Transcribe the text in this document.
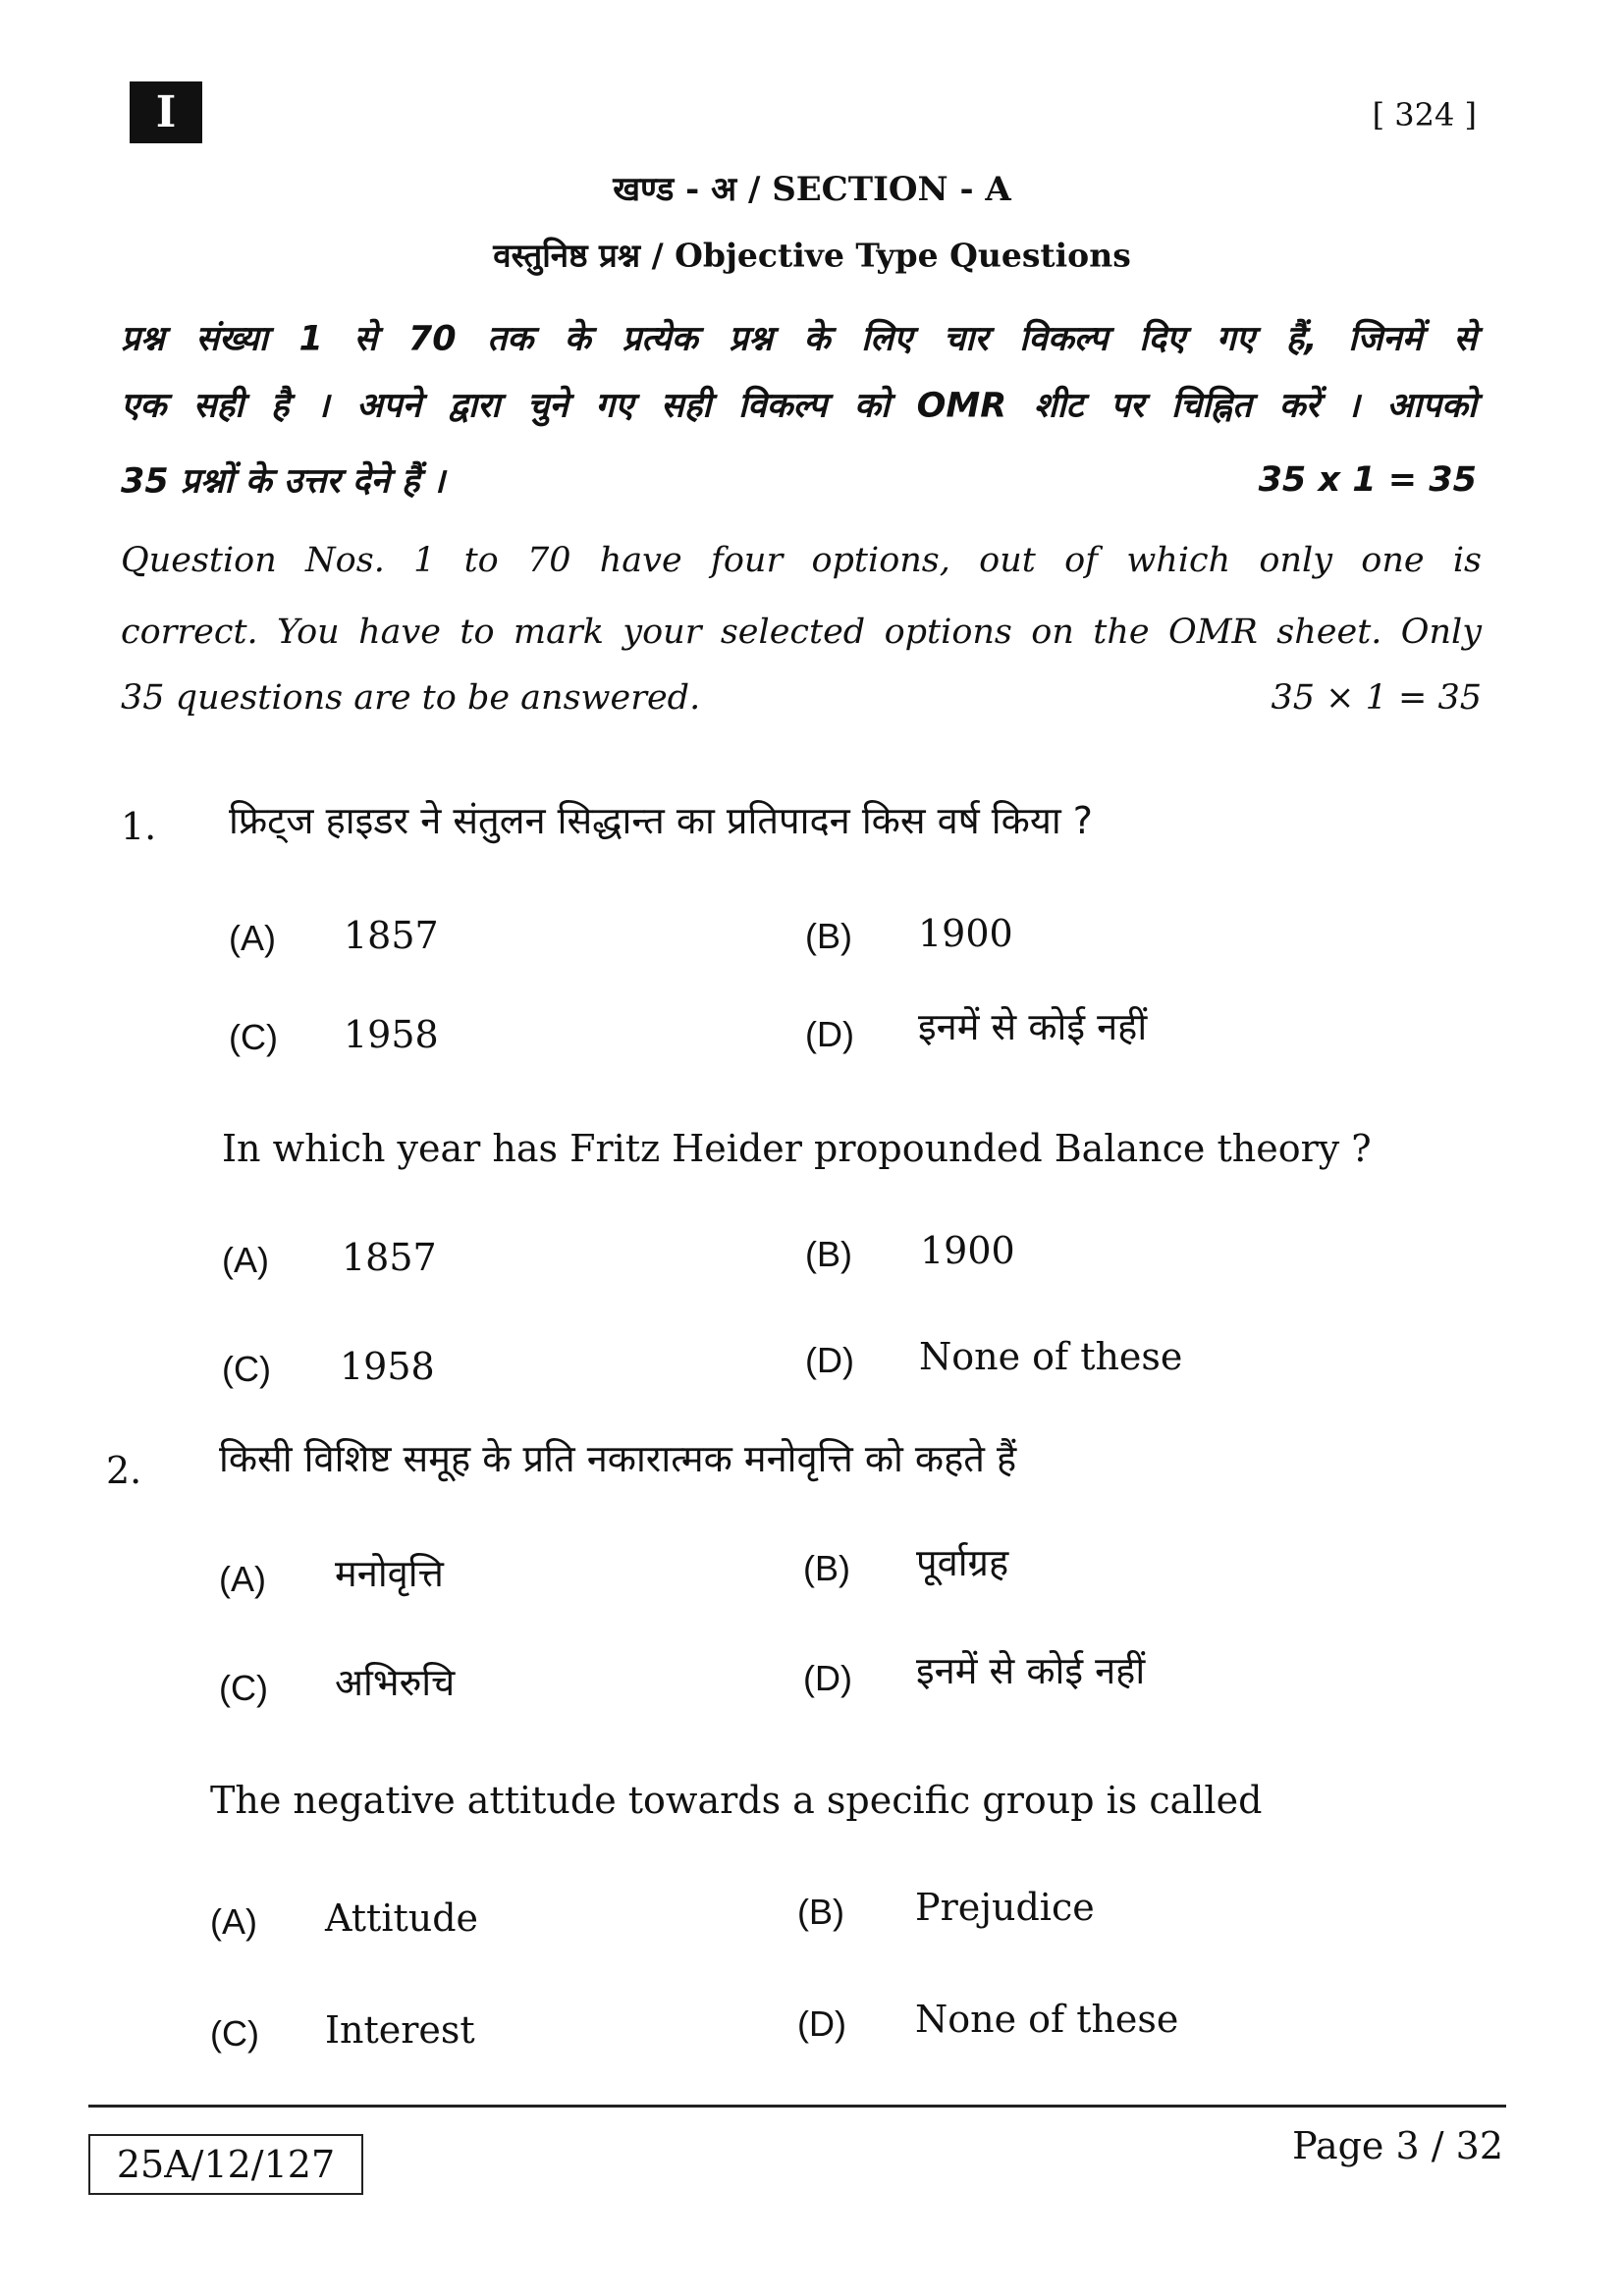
I	[ 324 ]
खण्ड - अ / SECTION - A
वस्तुनिष्ठ प्रश्न / Objective Type Questions
प्रश्न संख्या 1 से 70 तक के प्रत्येक प्रश्न के लिए चार विकल्प दिए गए हैं, जिनमें से
एक सही है । अपने द्वारा चुने गए सही विकल्प को OMR शीट पर चिह्नित करें । आपको
35 प्रश्नों के उत्तर देने हैं ।	35 x 1 = 35
Question Nos. 1 to 70 have four options, out of which only one is
correct. You have to mark your selected options on the OMR sheet. Only
35 questions are to be answered.	35 × 1 = 35
1. फ्रिट्ज हाइडर ने संतुलन सिद्धान्त का प्रतिपादन किस वर्ष किया ?
(A) 1857	(B) 1900
(C) 1958	(D) इनमें से कोई नहीं
In which year has Fritz Heider propounded Balance theory ?
(A) 1857	(B) 1900
(C) 1958	(D) None of these
2. किसी विशिष्ट समूह के प्रति नकारात्मक मनोवृत्ति को कहते हैं
(A) मनोवृत्ति	(B) पूर्वाग्रह
(C) अभिरुचि	(D) इनमें से कोई नहीं
The negative attitude towards a specific group is called
(A) Attitude	(B) Prejudice
(C) Interest	(D) None of these
25A/12/127	Page 3 / 32
